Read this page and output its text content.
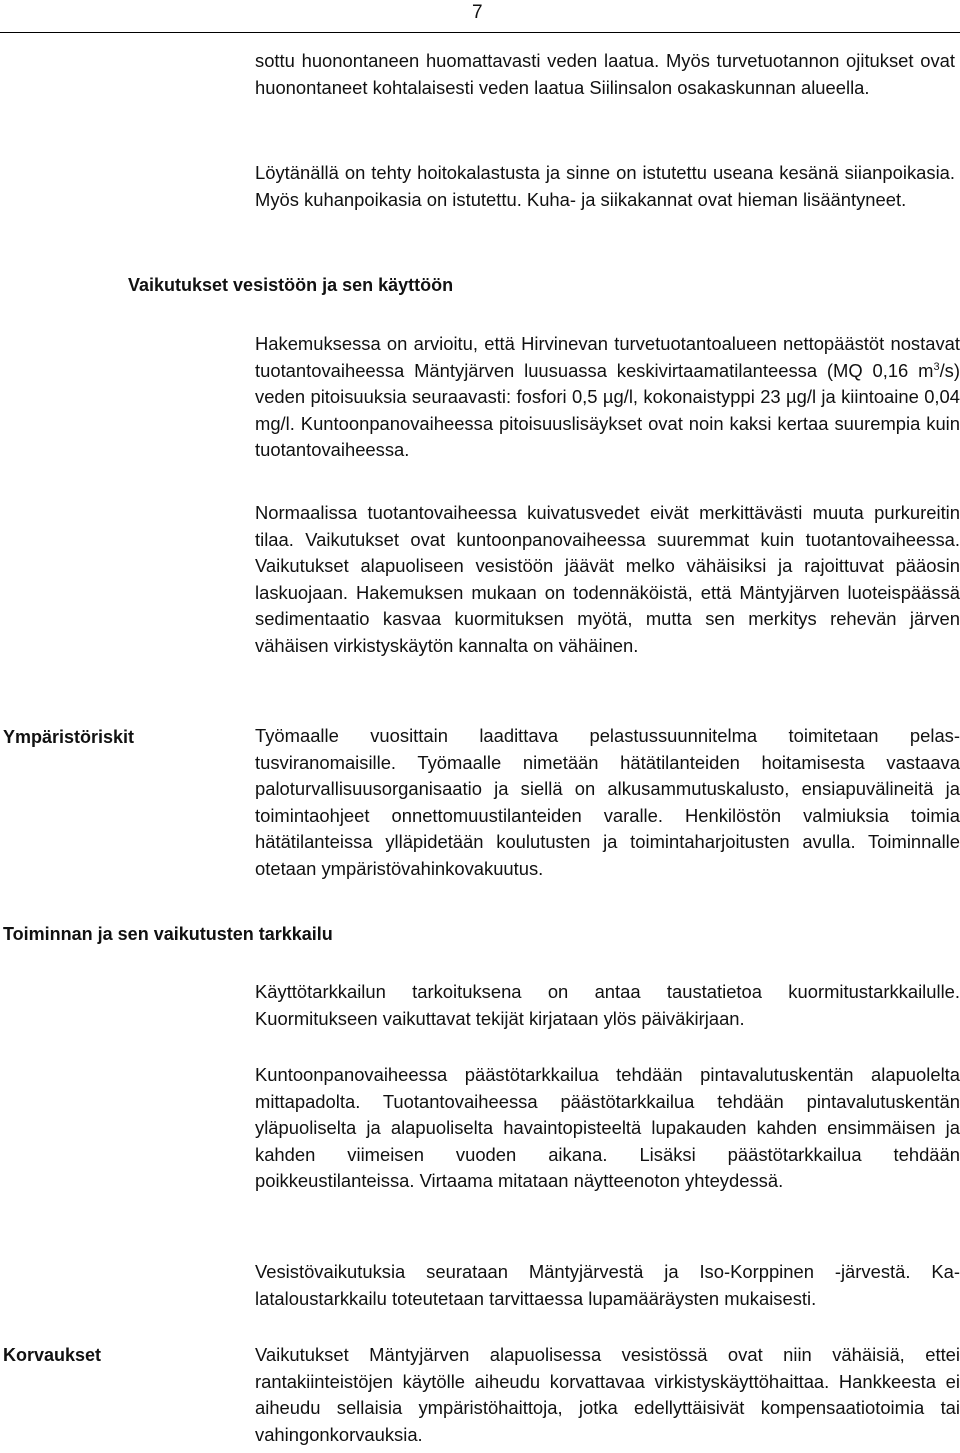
7

sottu huonontaneen huomattavasti veden laatua. Myös turvetuotannon ojitukset ovat huonontaneet kohtalaisesti veden laatua Siilinsalon osakaskunnan alueella.

Löytänällä on tehty hoitokalastusta ja sinne on istutettu useana kesänä siianpoikasia. Myös kuhanpoikasia on istutettu. Kuha- ja siikakannat ovat hieman lisääntyneet.

Vaikutukset vesistöön ja sen käyttöön

Hakemuksessa on arvioitu, että Hirvinevan turvetuotantoalueen nettopäästöt nostavat tuotantovaiheessa Mäntyjärven luusuassa keskivirtaamatilanteessa (MQ 0,16 $m^3/s$) veden pitoisuuksia seuraavasti: fosfori 0,5 µg/l, kokonaistyppi 23 µg/l ja kiintoaine 0,04 mg/l. Kuntoonpanovaiheessa pitoisuuslisäykset ovat noin kaksi kertaa suurempia kuin tuotantovaiheessa.

Normaalissa tuotantovaiheessa kuivatusvedet eivät merkittävästi muuta purkureitin tilaa. Vaikutukset ovat kuntoonpanovaiheessa suuremmat kuin tuotantovaiheessa. Vaikutukset alapuoliseen vesistöön jäävät melko vähäisiksi ja rajoittuvat pääosin laskuojaan. Hakemuksen mukaan on todennäköistä, että Mäntyjärven luoteispäässä sedimentaatio kasvaa kuormituksen myötä, mutta sen merkitys rehevän järven vähäisen virkistyskäytön kannalta on vähäinen.

Ympäristöriskit	Työmaalle vuosittain laadittava pelastussuunnitelma toimitetaan pelastusviranomaisille. Työmaalle nimetään hätätilanteiden hoitamisesta vastaava paloturvallisuusorganisaatio ja siellä on alkusammutuskalusto, ensiapuvälineitä ja toimintaohjeet onnettomuustilanteiden varalle. Henkilöstön valmiuksia toimia hätätilanteissa ylläpidetään koulutusten ja toimintaharjoitusten avulla. Toiminnalle otetaan ympäristövahinkovakuutus.

Toiminnan ja sen vaikutusten tarkkailu

Käyttötarkkailun tarkoituksena on antaa taustatietoa kuormitustarkkailulle. Kuormitukseen vaikuttavat tekijät kirjataan ylös päiväkirjaan.

Kuntoonpanovaiheessa päästötarkkailua tehdään pintavalutuskentän alapuolelta mittapadolta. Tuotantovaiheessa päästötarkkailua tehdään pintavalutuskentän yläpuoliselta ja alapuoliselta havaintopisteeltä lupakauden kahden ensimmäisen ja kahden viimeisen vuoden aikana. Lisäksi päästötarkkailua tehdään poikkeustilanteissa. Virtaama mitataan näytteenoton yhteydessä.

Vesistövaikutuksia seurataan Mäntyjärvestä ja Iso-Korppinen -järvestä. Kalataloustarkkailu toteutetaan tarvittaessa lupamääräysten mukaisesti.

Korvaukset	Vaikutukset Mäntyjärven alapuolisessa vesistössä ovat niin vähäisiä, ettei rantakiinteistöjen käytölle aiheudu korvattavaa virkistyskäyttöhaittaa. Hankkeesta ei aiheudu sellaisia ympäristöhaittoja, jotka edellyttäisivät kompensaatiotoimia tai vahingonkorvauksia.
